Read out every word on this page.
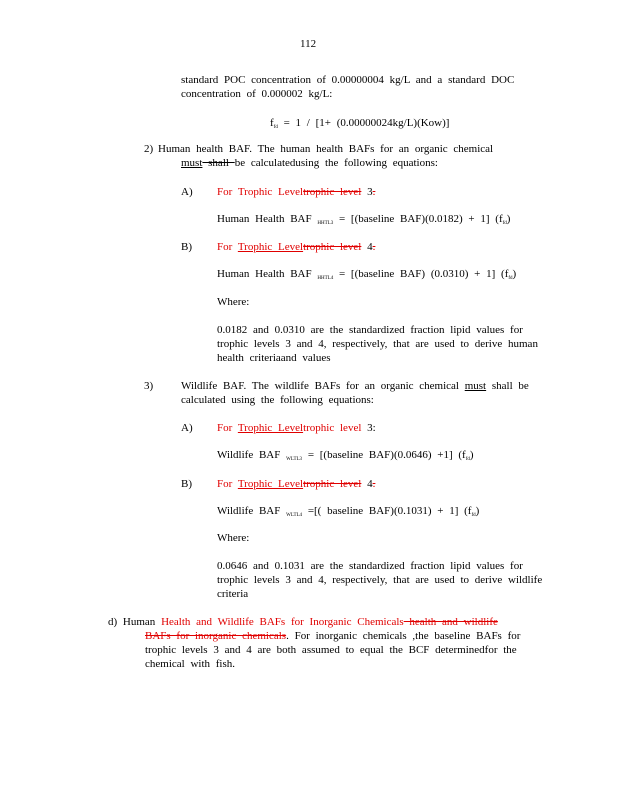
112
standard POC concentration of 0.00000004 kg/L and a standard DOC
concentration of 0.000002 kg/L:
$f_{fd} = 1 / [1+ (0.00000024kg/L)(Kow)]$
2) Human health BAF. The human health BAFs for an organic chemical
must shall be calculatedusing the following equations:
A) For Trophic Leveltrophic level 3.
Human Health BAF $_{HHTL3}$ = [(baseline BAF)(0.0182) + 1] $(f_{fd})$
B) For Trophic Leveltrophic level 4.
Human Health BAF $_{HHTL4}$ = [(baseline BAF) (0.0310) + 1] $(f_{fd})$
Where:
0.0182 and 0.0310 are the standardized fraction lipid values for
trophic levels 3 and 4, respectively, that are used to derive human
health criteriaand values
3)	Wildlife BAF. The wildlife BAFs for an organic chemical must shall be
calculated using the following equations:
A) For Trophic Leveltrophic level 3:
Wildlife BAF $_{WLTL3}$ = [(baseline BAF)(0.0646) +1] $(f_{fd})$
B) For Trophic Leveltrophic level 4.
Wildlife BAF $_{WLTL4}$ =[( baseline BAF)(0.1031) + 1] $(f_{fd})$
Where:
0.0646 and 0.1031 are the standardized fraction lipid values for
trophic levels 3 and 4, respectively, that are used to derive wildlife
criteria
d) Human Health and Wildlife BAFs for Inorganic Chemicals health and wildlife
BAFs for inorganic chemicals. For inorganic chemicals ,the baseline BAFs for
trophic levels 3 and 4 are both assumed to equal the BCF determinedfor the
chemical with fish.
